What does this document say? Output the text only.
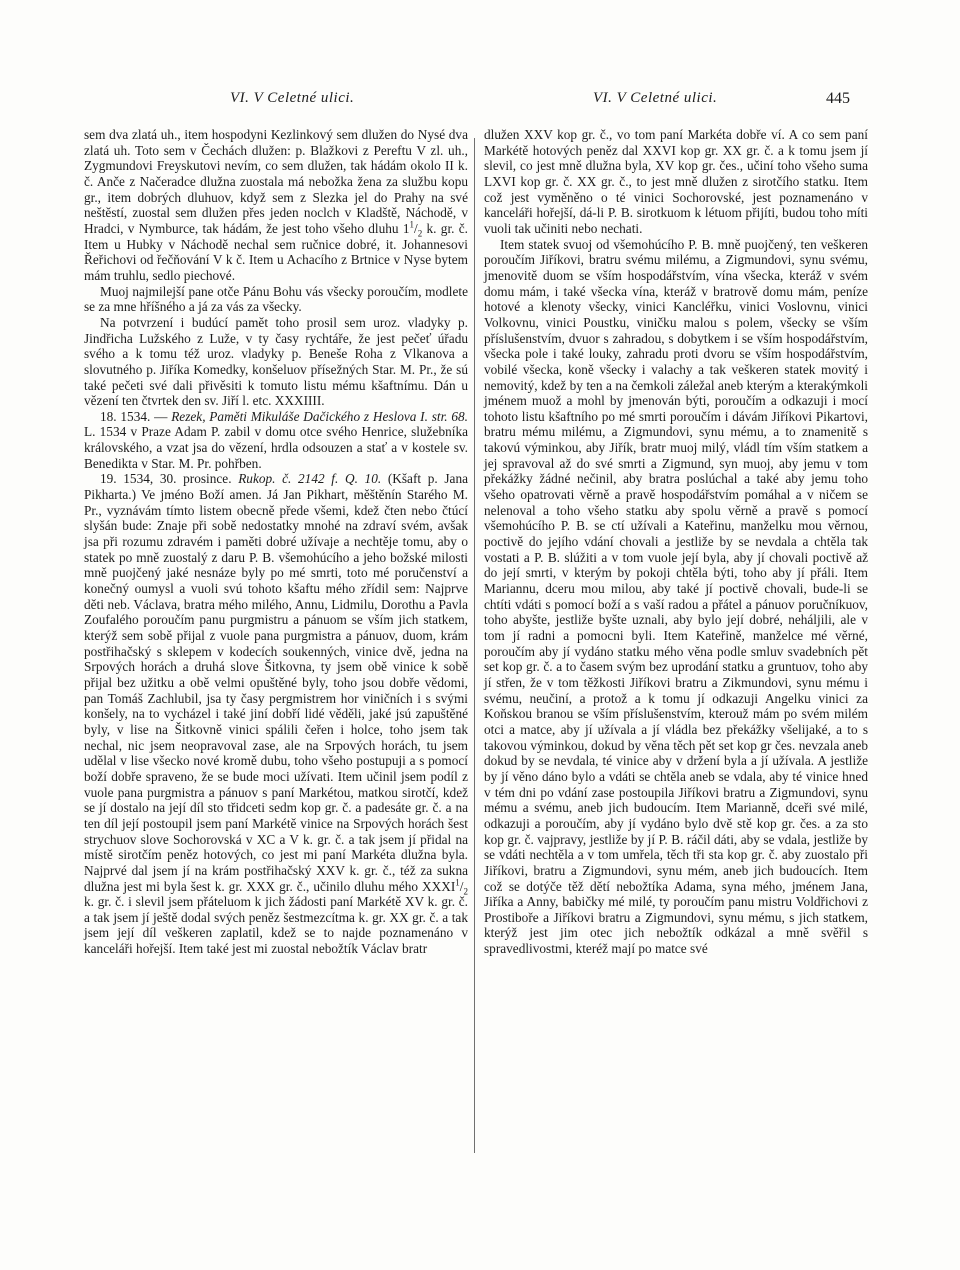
VI. V Celetné ulici.	VI. V Celetné ulici.	445

sem dva zlatá uh., item hospodyni Kezlinkový sem dlužen do Nysé dva zlatá uh. Toto sem v Čechách dlužen: p. Blažkovi z Pereftu V zl. uh., Zygmundovi Freyskutovi nevím, co sem dlužen, tak hádám okolo II k. č. Anče z Načeradce dlužna zuostala má nebožka žena za službu kopu gr., item dobrých dluhuov, když sem z Slezka jel do Prahy na své neštěstí, zuostal sem dlužen přes jeden noclch v Kladště, Náchodě, v Hradci, v Nymburce, tak hádám, že jest toho všeho dluhu $1^1/_2$ k. gr. č. Item u Hubky v Náchodě nechal sem ručnice dobré, it. Johannesovi Řeřichovi od řečňování V k č. Item u Achacího z Brtnice v Nyse bytem mám truhlu, sedlo piechové.

Muoj najmilejší pane otče Pánu Bohu vás všecky poroučím, modlete se za mne hříšného a já za vás za všecky.

Na potvrzení i budúcí pamět toho prosil sem uroz. vladyky p. Jindřicha Lužského z Luže, v ty časy rychtáře, že jest pečeť úřadu svého a k tomu též uroz. vladyky p. Beneše Roha z Vlkanova a slovutného p. Jiříka Komedky, konšeluov přísežných Star. M. Pr., že sú také pečeti své dali přivěsiti k tomuto listu mému kšaftnímu. Dán u vězení ten čtvrtek den sv. Jiří l. etc. XXXIIII.

18. 1534. — Rezek, Paměti Mikuláše Dačického z Heslova I. str. 68. L. 1534 v Praze Adam P. zabil v domu otce svého Henrice, služebníka královského, a vzat jsa do vězení, hrdla odsouzen a stať a v kostele sv. Benedikta v Star. M. Pr. pohřben.

19. 1534, 30. prosince. Rukop. č. 2142 f. Q. 10. (Kšaft p. Jana Pikharta.) Ve jméno Boží amen. Já Jan Pikhart, měštěnín Starého M. Pr., vyznávám tímto listem obecně přede všemi, kdež čten nebo čtúcí slyšán bude: Znaje při sobě nedostatky mnohé na zdraví svém, avšak jsa při rozumu zdravém i paměti dobré užívaje a nechtěje tomu, aby o statek po mně zuostalý z daru P. B. všemohúcího a jeho božské milosti mně puojčený jaké nesnáze byly po mé smrti, toto mé poručenství a konečný oumysl a vuoli svú tohoto kšaftu mého zřídil sem: Najprve děti neb. Václava, bratra mého milého, Annu, Lidmilu, Dorothu a Pavla Zoufalého poroučím panu purgmistru a pánuom se vším jich statkem, kterýž sem sobě přijal z vuole pana purgmistra a pánuov, duom, krám postřihačský s sklepem v kodecích soukenných, vinice dvě, jedna na Srpových horách a druhá slove Šitkovna, ty jsem obě vinice k sobě přijal bez užitku a obě velmi opuštěné byly, toho jsou dobře vědomi, pan Tomáš Zachlubil, jsa ty časy pergmistrem hor viničních i s svými konšely, na to vycházel i také jiní dobří lidé věděli, jaké jsú zapuštěné byly, v lise na Šitkovně vinici spálili čeřen i holce, toho jsem tak nechal, nic jsem neopravoval zase, ale na Srpových horách, tu jsem udělal v lise všecko nové kromě dubu, toho všeho postupuji a s pomocí boží dobře spraveno, že se bude moci užívati. Item učinil jsem podíl z vuole pana purgmistra a pánuov s paní Markétou, matkou sirotčí, kdež se jí dostalo na její díl sto třidceti sedm kop gr. č. a padesáte gr. č. a na ten díl její postoupil jsem paní Markétě vinice na Srpových horách šest strychuov slove Sochorovská v XC a V k. gr. č. a tak jsem jí přidal na místě sirotčím peněz hotových, co jest mi paní Markéta dlužna byla. Najprvé dal jsem jí na krám postřihačský XXV k. gr. č., též za sukna dlužna jest mi byla šest k. gr. XXX gr. č., učinilo dluhu mého $XXXI^1/_2$ k. gr. č. i slevil jsem přáteluom k jich žádosti paní Markétě XV k. gr. č. a tak jsem jí ještě dodal svých peněz šestmezcítma k. gr. XX gr. č. a tak jsem její díl veškeren zaplatil, kdež se to najde poznamenáno v kanceláři hořejší. Item také jest mi zuostal nebožtík Václav bratr

dlužen XXV kop gr. č., vo tom paní Markéta dobře ví. A co sem paní Markétě hotových peněz dal XXVI kop gr. XX gr. č. a k tomu jsem jí slevil, co jest mně dlužna byla, XV kop gr. čes., učiní toho všeho suma LXVI kop gr. č. XX gr. č., to jest mně dlužen z sirotčího statku. Item což jest vyměněno o té vinici Sochorovské, jest poznamenáno v kanceláři hořejší, dá-li P. B. sirotkuom k létuom přijíti, budou toho míti vuoli tak učiniti nebo nechati.

Item statek svuoj od všemohúcího P. B. mně puojčený, ten veškeren poroučím Jiříkovi, bratru svému milému, a Zigmundovi, synu svému, jmenovitě duom se vším hospodářstvím, vína všecka, kteráž v svém domu mám, i také všecka vína, kteráž v bratrově domu mám, peníze hotové a klenoty všecky, vinici Kancléřku, vinici Voslovnu, vinici Volkovnu, vinici Poustku, viničku malou s polem, všecky se vším příslušenstvím, dvuor s zahradou, s dobytkem i se vším hospodářstvím, všecka pole i také louky, zahradu proti dvoru se vším hospodářstvím, vobilé všecka, koně všecky i valachy a tak veškeren statek movitý i nemovitý, kdež by ten a na čemkoli záležal aneb kterým a kterakýmkoli jménem muož a mohl by jmenován býti, poroučím a odkazuji i mocí tohoto listu kšaftního po mé smrti poroučím i dávám Jiříkovi Pikartovi, bratru mému milému, a Zigmundovi, synu mému, a to znamenitě s takovú výminkou, aby Jiřík, bratr muoj milý, vládl tím vším statkem a jej spravoval až do své smrti a Zigmund, syn muoj, aby jemu v tom překážky žádné nečinil, aby bratra poslúchal a také aby jemu toho všeho opatrovati věrně a pravě hospodářstvím pomáhal a v ničem se nelenoval a toho všeho statku aby spolu věrně a pravě s pomocí všemohúcího P. B. se ctí užívali a Kateřinu, manželku mou věrnou, poctivě do jejího vdání chovali a jestliže by se nevdala a chtěla tak vostati a P. B. slúžiti a v tom vuole její byla, aby jí chovali poctivě až do její smrti, v kterým by pokoji chtěla býti, toho aby jí přáli. Item Mariannu, dceru mou milou, aby také jí poctivě chovali, bude-li se chtíti vdáti s pomocí boží a s vaší radou a přátel a pánuov poručníkuov, toho abyšte, jestliže byšte uznali, aby bylo její dobré, neháljili, ale v tom jí radni a pomocni byli. Item Kateřině, manželce mé věrné, poroučím aby jí vydáno statku mého věna podle smluv svadebních pět set kop gr. č. a to časem svým bez uprodání statku a gruntuov, toho aby jí střen, že v tom těžkosti Jiříkovi bratru a Zikmundovi, synu mému i svému, neučiní, a protož a k tomu jí odkazuji Angelku vinici za Koňskou branou se vším příslušenstvím, kterouž mám po svém milém otci a matce, aby jí užívala a jí vládla bez překážky všelijaké, a to s takovou výminkou, dokud by věna těch pět set kop gr čes. nevzala aneb dokud by se nevdala, té vinice aby v držení byla a jí užívala. A jestliže by jí věno dáno bylo a vdáti se chtěla aneb se vdala, aby té vinice hned v tém dni po vdání zase postoupila Jiříkovi bratru a Zigmundovi, synu mému a svému, aneb jich budoucím. Item Marianně, dceři své milé, odkazuji a poroučím, aby jí vydáno bylo dvě stě kop gr. čes. a za sto kop gr. č. vajpravy, jestliže by jí P. B. ráčil dáti, aby se vdala, jestliže by se vdáti nechtěla a v tom umřela, těch tři sta kop gr. č. aby zuostalo při Jiříkovi, bratru a Zigmundovi, synu mém, aneb jich budoucích. Item což se dotýče těž dětí nebožtíka Adama, syna mého, jménem Jana, Jiříka a Anny, babičky mé milé, ty poroučím panu mistru Voldřichovi z Prostiboře a Jiříkovi bratru a Zigmundovi, synu mému, s jich statkem, kterýž jest jim otec jich nebožtík odkázal a mně svěřil s spravedlivostmi, kteréž mají po matce své
